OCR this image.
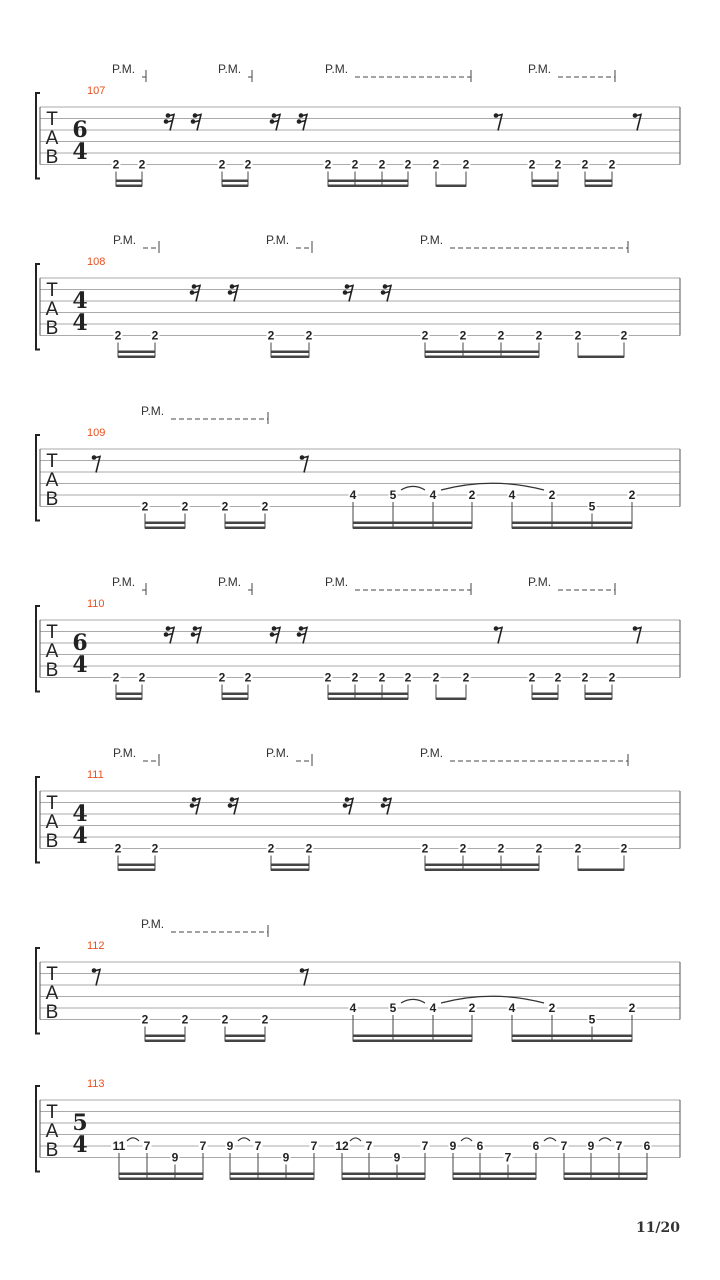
107
T
A
B
6
4
P.M.	P.M.	P.M.	P.M.
2 2	2 2	2 2 2 2 2 2	2 2 2 2
108
T
A
B
4
4
P.M.	P.M.	P.M.
2	2	2	2	2	2	2	2	2	2
109
T
A
B
P.M.
2	2	2	2
4	5	4	2	4	2
5
2
110
T
A
B
6
4
P.M.	P.M.	P.M.	P.M.
2 2	2 2	2 2 2 2 2 2	2 2 2 2
111
T
A
B
4
4
P.M.	P.M.	P.M.
2	2	2	2	2	2	2	2	2	2
112
T
A
B
P.M.
2	2	2	2
4	5	4	2	4	2
5
2
113
T
A
B
5
4 11 7
9
7 9 7
9
7 12 7
9
7 9 6
7
6 7 9 7 6
11/20
